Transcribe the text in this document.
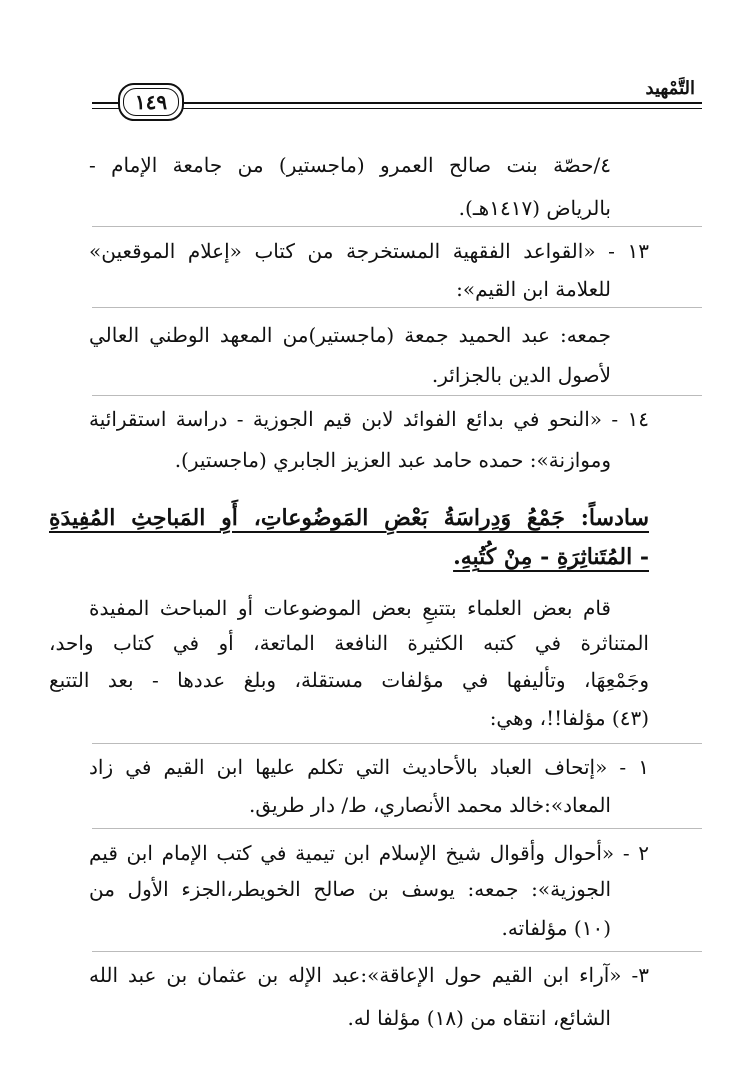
التَّمْهيد
١٤٩
٤/حصّة بنت صالح العمرو (ماجستير) من جامعة الإمام -
بالرياض (١٤١٧هـ).
١٣ - «القواعد الفقهية المستخرجة من كتاب «إعلام الموقعين»
للعلامة ابن القيم»:
جمعه: عبد الحميد جمعة (ماجستير)من المعهد الوطني العالي
لأصول الدين بالجزائر.
١٤ - «النحو في بدائع الفوائد لابن قيم الجوزية - دراسة استقرائية
وموازنة»: حمده حامد عبد العزيز الجابري (ماجستير).
سادساً: جَمْعُ وَدِراسَةُ بَعْضِ المَوضُوعاتِ، أَوِ المَباحِثِ المُفِيدَةِ
- المُتَناثِرَةِ - مِنْ كُتُبِهِ.
قام بعض العلماء بتتبعِ بعض الموضوعات أو المباحث المفيدة
المتناثرة في كتبه الكثيرة النافعة الماتعة، أو في كتاب واحد،
وجَمْعِهَا، وتأليفها في مؤلفات مستقلة، وبلغ عددها - بعد التتبع
(٤٣) مؤلفا!!، وهي:
١ - «إتحاف العباد بالأحاديث التي تكلم عليها ابن القيم في زاد
المعاد»:خالد محمد الأنصاري، ط/ دار طريق.
٢ - «أحوال وأقوال شيخ الإسلام ابن تيمية في كتب الإمام ابن قيم
الجوزية»: جمعه: يوسف بن صالح الخويطر،الجزء الأول من
(١٠) مؤلفاته.
٣- «آراء ابن القيم حول الإعاقة»:عبد الإله بن عثمان بن عبد الله
الشائع، انتقاه من (١٨) مؤلفا له.
